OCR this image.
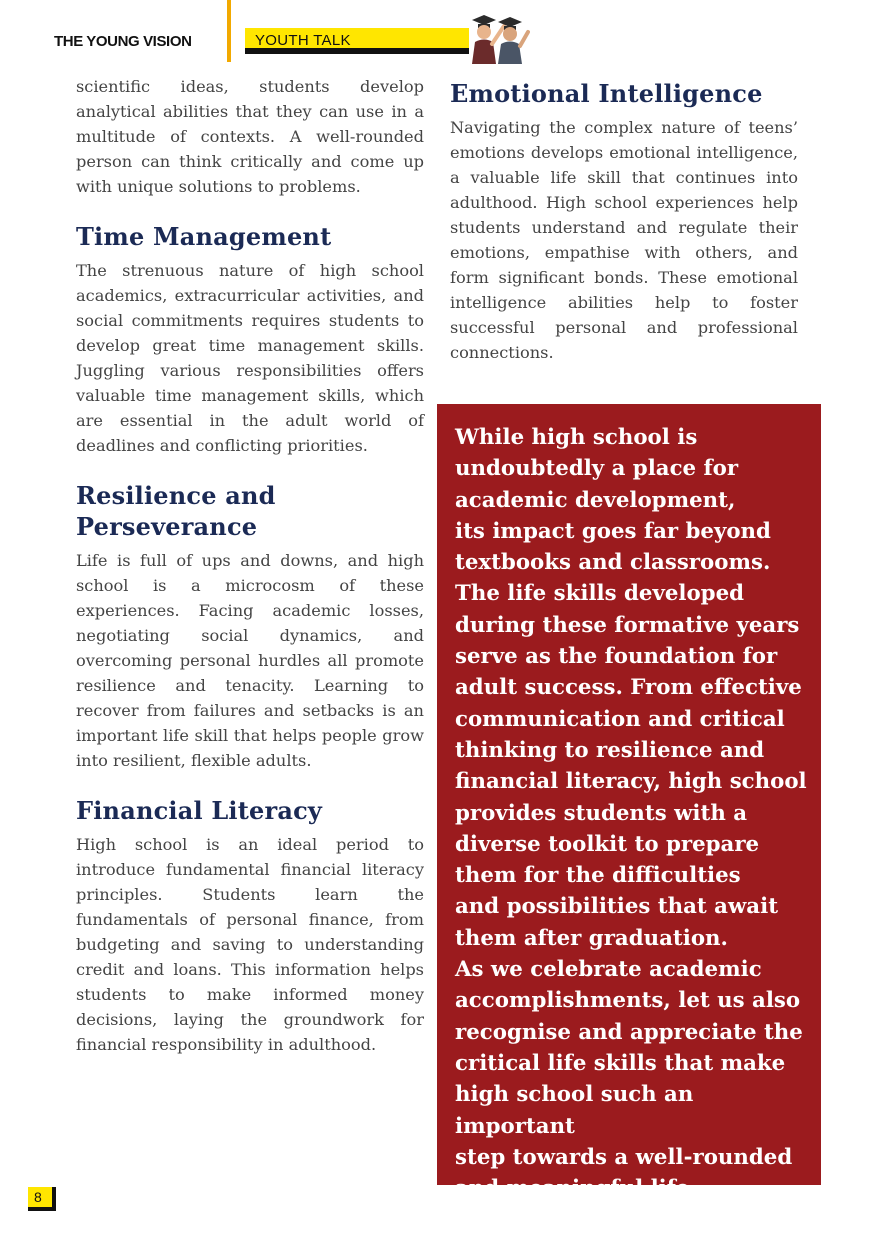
THE YOUNG VISION	YOUTH TALK

scientific ideas, students develop analytical abilities that they can use in a multitude of contexts. A well-rounded person can think critically and come up with unique solutions to problems.

Time Management

The strenuous nature of high school academics, extracurricular activities, and social commitments requires students to develop great time management skills. Juggling various responsibilities offers valuable time management skills, which are essential in the adult world of deadlines and conflicting priorities.

Resilience and Perseverance

Life is full of ups and downs, and high school is a microcosm of these experiences. Facing academic losses, negotiating social dynamics, and overcoming personal hurdles all promote resilience and tenacity. Learning to recover from failures and setbacks is an important life skill that helps people grow into resilient, flexible adults.

Financial Literacy

High school is an ideal period to introduce fundamental financial literacy principles. Students learn the fundamentals of personal finance, from budgeting and saving to understanding credit and loans. This information helps students to make informed money decisions, laying the groundwork for financial responsibility in adulthood.

Emotional Intelligence

Navigating the complex nature of teens’ emotions develops emotional intelligence, a valuable life skill that continues into adulthood. High school experiences help students understand and regulate their emotions, empathise with others, and form significant bonds. These emotional intelligence abilities help to foster successful personal and professional connections.

While high school is
undoubtedly a place for
academic development,
its impact goes far beyond
textbooks and classrooms.
The life skills developed
during these formative years
serve as the foundation for
adult success. From effective
communication and critical
thinking to resilience and
financial literacy, high school
provides students with a
diverse toolkit to prepare
them for the difficulties
and possibilities that await
them after graduation.
As we celebrate academic
accomplishments, let us also
recognise and appreciate the
critical life skills that make
high school such an important
step towards a well-rounded
and meaningful life.

8
